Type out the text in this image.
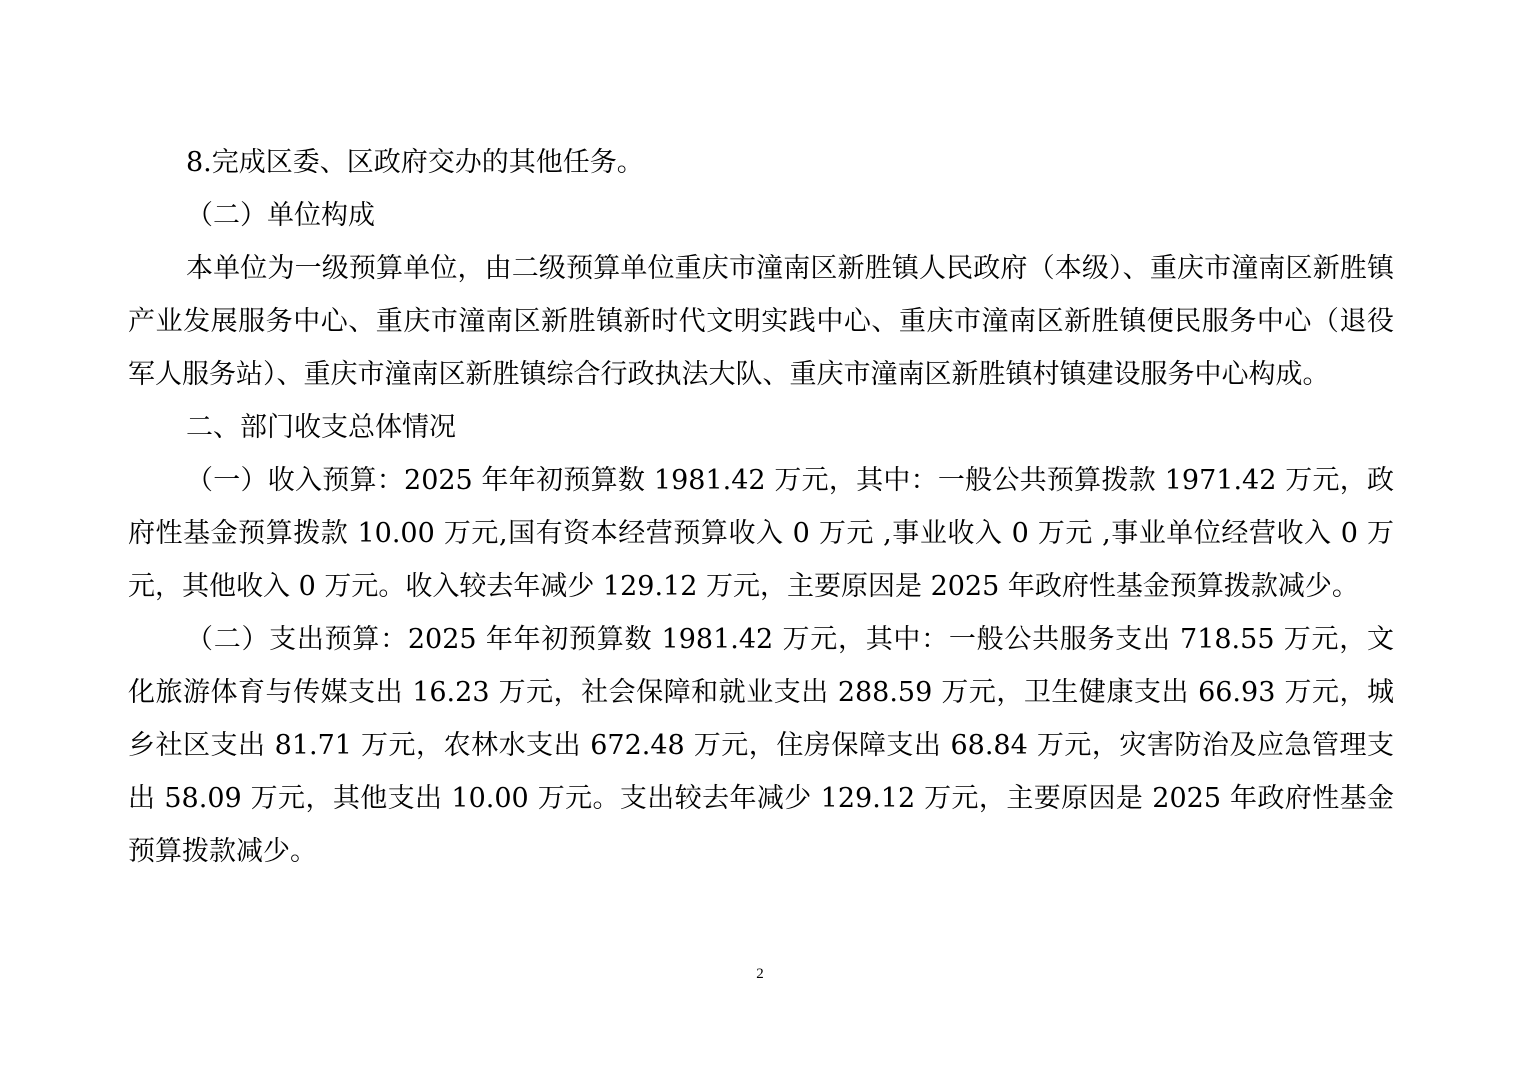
8.完成区委、区政府交办的其他任务。

（二）单位构成

本单位为一级预算单位，由二级预算单位重庆市潼南区新胜镇人民政府（本级）、重庆市潼南区新胜镇产业发展服务中心、重庆市潼南区新胜镇新时代文明实践中心、重庆市潼南区新胜镇便民服务中心（退役军人服务站）、重庆市潼南区新胜镇综合行政执法大队、重庆市潼南区新胜镇村镇建设服务中心构成。

二、部门收支总体情况

（一）收入预算：2025 年年初预算数 1981.42 万元，其中：一般公共预算拨款 1971.42 万元，政府性基金预算拨款 10.00 万元,国有资本经营预算收入 0 万元 ,事业收入 0 万元 ,事业单位经营收入 0 万元，其他收入 0 万元。收入较去年减少 129.12 万元，主要原因是 2025 年政府性基金预算拨款减少。

（二）支出预算：2025 年年初预算数 1981.42 万元，其中：一般公共服务支出 718.55 万元，文化旅游体育与传媒支出 16.23 万元，社会保障和就业支出 288.59 万元，卫生健康支出 66.93 万元，城乡社区支出 81.71 万元，农林水支出 672.48 万元，住房保障支出 68.84 万元，灾害防治及应急管理支出 58.09 万元，其他支出 10.00 万元。支出较去年减少 129.12 万元，主要原因是 2025 年政府性基金预算拨款减少。

2
